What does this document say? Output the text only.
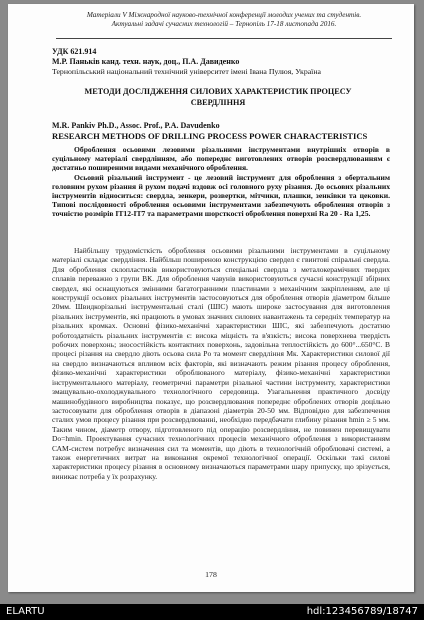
Матеріали V Міжнародної науково-технічної конференції молодих учених та студентів.
Актуальні задачі сучасних технологій – Тернопіль 17-18 листопада 2016.
УДК 621.914
М.Р. Паньків канд. техн. наук, доц., П.А. Давиденко
Тернопільський національний технічний університет імені Івана Пулюя, Україна
МЕТОДИ ДОСЛІДЖЕННЯ СИЛОВИХ ХАРАКТЕРИСТИК ПРОЦЕСУ СВЕРДЛІННЯ
M.R. Pankiv Ph.D., Assoc. Prof., P.A. Davudenko
RESEARCH METHODS OF DRILLING PROCESS POWER CHARACTERISTICS

Оброблення осьовими лезовими різальними інструментами внутрішніх отворів в суцільному матеріалі свердлінням, або попереднє виготовлених отворів розсвердлюванням є достатньо поширеними видами механічного оброблення.

Осьовий різальний інструмент - це лезовий інструмент для оброблення з обертальним головним рухом різання й рухом подачі вздовж осі головного руху різання. До осьових різальних інструментів відноситься: свердла, зенкери, розвертки, мітчики, плашки, зенківки та цековки. Типові послідовності оброблення осьовими інструментами забезпечують оброблення отворів з точністю розмірів IТ12-ІТ7 та параметрами шорсткості оброблення поверхні Ra 20 - Ra 1,25.

Найбільшу трудомісткість оброблення осьовими різальними інструментами в суцільному матеріалі складає свердління. Найбільш поширеною конструкцією свердел є гвинтові спіральні свердла. Для оброблення склопластиків використовуються спеціальні свердла з металокерамічних твердих сплавів переважно з групи ВК. Для оброблення чавунів використовуються сучасні конструкції збірних свердел, які оснащуються змінними багатогранними пластинами з механічним закріпленням, але ці конструкції осьових різальних інструментів застосовуються для оброблення отворів діаметром більше 20мм. Швидкорізальні інструментальні сталі (ШІС) мають широке застосування для виготовлення різальних інструментів, які працюють в умовах значних силових навантажень та середніх температур на різальних кромках. Основні фізико-механічні характеристики ШІС, які забезпечують достатню роботоздатність різальних інструментів є: висока міцність та в'язкість; висока поверхнева твердість робочих поверхонь; зносостійкість контактних поверхонь, задовільна теплостійкість до 600°...650°С. В процесі різання на свердло діють осьова сила Po та момент свердління Mк. Характеристики силової дії на свердло визначаються впливом всіх факторів, які визначають режим різання процесу оброблення, фізико-механічні характеристики оброблюваного матеріалу, фізико-механічні характеристики інструментального матеріалу, геометричні параметри різальної частини інструменту, характеристики змащувально-охолоджувального технологічного середовища. Узагальнення практичного досвіду машинобудівного виробництва показує, що розсвердлювання попереднє оброблених отворів доцільно застосовувати для оброблення отворів в діапазоні діаметрів 20-50 мм. Відповідно для забезпечення сталих умов процесу різання при розсвердлюванні, необхідно передбачати глибину різання hmin ≥ 5 мм. Таким чином, діаметр отвору, підготовленого під операцію розсвердління, не повинен перевищувати Do=hmin. Проектування сучасних технологічних процесів механічного оброблення з використанням САМ-систем потребує визначення сил та моментів, що діють в технологічній оброблювачі системі, а також енергетичних витрат на виконання окремої технологічної операції. Оскільки такі силові характеристики процесу різання в основному визначаються параметрами шару припуску, що зрізується, виникає потреба у їх розрахунку.

178
ELARTU	hdl:123456789/18747
